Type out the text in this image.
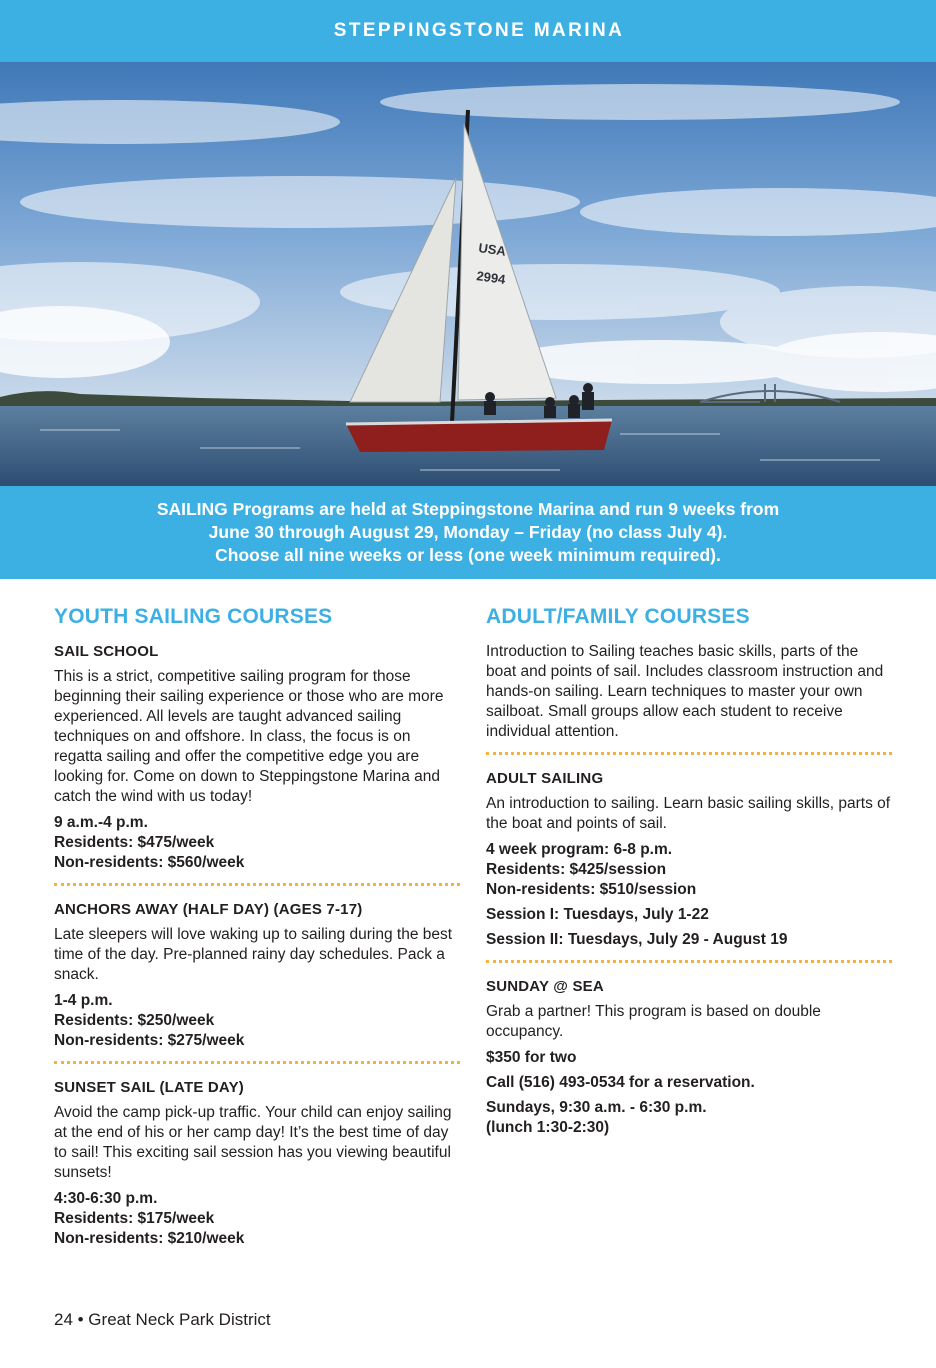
STEPPINGSTONE MARINA
USA
2994
SAILING Programs are held at Steppingstone Marina and run 9 weeks from
June 30 through August 29, Monday – Friday (no class July 4).
Choose all nine weeks or less (one week minimum required).
YOUTH SAILING COURSES
SAIL SCHOOL
This is a strict, competitive sailing program for those beginning their sailing experience or those who are more experienced. All levels are taught advanced sailing techniques on and offshore. In class, the focus is on regatta sailing and offer the competitive edge you are looking for. Come on down to Steppingstone Marina and catch the wind with us today!
9 a.m.-4 p.m.
Residents: $475/week
Non-residents: $560/week
ANCHORS AWAY (HALF DAY) (AGES 7-17)
Late sleepers will love waking up to sailing during the best time of the day. Pre-planned rainy day schedules. Pack a snack.
1-4 p.m.
Residents: $250/week
Non-residents: $275/week
SUNSET SAIL (LATE DAY)
Avoid the camp pick-up traffic. Your child can enjoy sailing at the end of his or her camp day! It’s the best time of day to sail! This exciting sail session has you viewing beautiful sunsets!
4:30-6:30 p.m.
Residents: $175/week
Non-residents: $210/week
ADULT/FAMILY COURSES
Introduction to Sailing teaches basic skills, parts of the boat and points of sail. Includes classroom instruction and hands-on sailing. Learn techniques to master your own sailboat. Small groups allow each student to receive individual attention.
ADULT SAILING
An introduction to sailing. Learn basic sailing skills, parts of the boat and points of sail.
4 week program: 6-8 p.m.
Residents: $425/session
Non-residents: $510/session
Session I: Tuesdays, July 1-22
Session II: Tuesdays, July 29 - August 19
SUNDAY @ SEA
Grab a partner! This program is based on double occupancy.
$350 for two
Call (516) 493-0534 for a reservation.
Sundays, 9:30 a.m. - 6:30 p.m.
(lunch 1:30-2:30)
24 • Great Neck Park District
